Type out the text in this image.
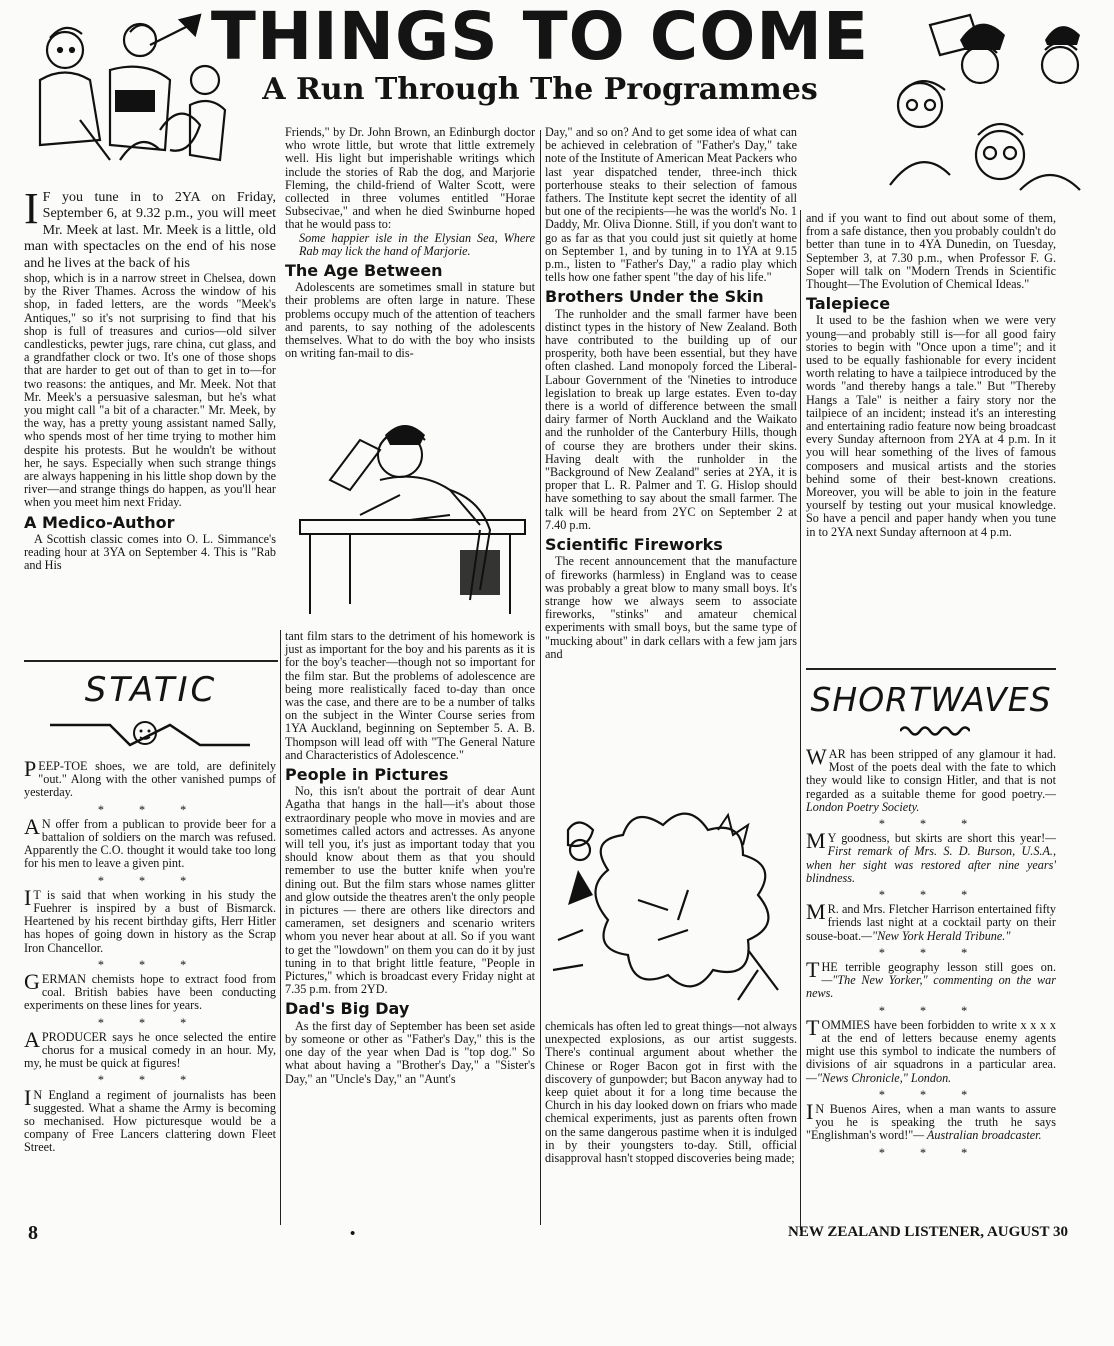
THINGS TO COME
A Run Through The Programmes

I F you tune in to 2YA on Friday, September 6, at 9.32 p.m., you will meet Mr. Meek at last. Mr. Meek is a little, old man with spectacles on the end of his nose and he lives at the back of his

shop, which is in a narrow street in Chelsea, down by the River Thames. Across the window of his shop, in faded letters, are the words "Meek's Antiques," so it's not surprising to find that his shop is full of treasures and curios—old silver candlesticks, pewter jugs, rare china, cut glass, and a grandfather clock or two. It's one of those shops that are harder to get out of than to get in to—for two reasons: the antiques, and Mr. Meek. Not that Mr. Meek's a persuasive salesman, but he's what you might call "a bit of a character." Mr. Meek, by the way, has a pretty young assistant named Sally, who spends most of her time trying to mother him despite his protests. But he wouldn't be without her, he says. Especially when such strange things are always happening in his little shop down by the river—and strange things do happen, as you'll hear when you meet him next Friday.

A Medico-Author

A Scottish classic comes into O. L. Simmance's reading hour at 3YA on September 4. This is "Rab and His

Friends," by Dr. John Brown, an Edinburgh doctor who wrote little, but wrote that little extremely well. His light but imperishable writings which include the stories of Rab the dog, and Marjorie Fleming, the child-friend of Walter Scott, were collected in three volumes entitled "Horae Subsecivae," and when he died Swinburne hoped that he would pass to:

Some happier isle in the Elysian Sea, Where Rab may lick the hand of Marjorie.

The Age Between

Adolescents are sometimes small in stature but their problems are often large in nature. These problems occupy much of the attention of teachers and parents, to say nothing of the adolescents themselves. What to do with the boy who insists on writing fan-mail to dis-

tant film stars to the detriment of his homework is just as important for the boy and his parents as it is for the boy's teacher—though not so important for the film star. But the problems of adolescence are being more realistically faced to-day than once was the case, and there are to be a number of talks on the subject in the Winter Course series from 1YA Auckland, beginning on September 5. A. B. Thompson will lead off with "The General Nature and Characteristics of Adolescence."

People in Pictures

No, this isn't about the portrait of dear Aunt Agatha that hangs in the hall—it's about those extraordinary people who move in movies and are sometimes called actors and actresses. As anyone will tell you, it's just as important today that you should know about them as that you should remember to use the butter knife when you're dining out. But the film stars whose names glitter and glow outside the theatres aren't the only people in pictures — there are others like directors and cameramen, set designers and scenario writers whom you never hear about at all. So if you want to get the "lowdown" on them you can do it by just tuning in to that bright little feature, "People in Pictures," which is broadcast every Friday night at 7.35 p.m. from 2YD.

Dad's Big Day

As the first day of September has been set aside by someone or other as "Father's Day," this is the one day of the year when Dad is "top dog." So what about having a "Brother's Day," a "Sister's Day," an "Uncle's Day," an "Aunt's

Day," and so on? And to get some idea of what can be achieved in celebration of "Father's Day," take note of the Institute of American Meat Packers who last year dispatched tender, three-inch thick porterhouse steaks to their selection of famous fathers. The Institute kept secret the identity of all but one of the recipients—he was the world's No. 1 Daddy, Mr. Oliva Dionne. Still, if you don't want to go as far as that you could just sit quietly at home on September 1, and by tuning in to 1YA at 9.15 p.m., listen to "Father's Day," a radio play which tells how one father spent "the day of his life."

Brothers Under the Skin

The runholder and the small farmer have been distinct types in the history of New Zealand. Both have contributed to the building up of our prosperity, both have been essential, but they have often clashed. Land monopoly forced the Liberal-Labour Government of the 'Nineties to introduce legislation to break up large estates. Even to-day there is a world of difference between the small dairy farmer of North Auckland and the Waikato and the runholder of the Canterbury Hills, though of course they are brothers under their skins. Having dealt with the runholder in the "Background of New Zealand" series at 2YA, it is proper that L. R. Palmer and T. G. Hislop should have something to say about the small farmer. The talk will be heard from 2YC on September 2 at 7.40 p.m.

Scientific Fireworks

The recent announcement that the manufacture of fireworks (harmless) in England was to cease was probably a great blow to many small boys. It's strange how we always seem to associate fireworks, "stinks" and amateur chemical experiments with small boys, but the same type of "mucking about" in dark cellars with a few jam jars and

chemicals has often led to great things—not always unexpected explosions, as our artist suggests. There's continual argument about whether the Chinese or Roger Bacon got in first with the discovery of gunpowder; but Bacon anyway had to keep quiet about it for a long time because the Church in his day looked down on friars who made chemical experiments, just as parents often frown on the same dangerous pastime when it is indulged in by their youngsters to-day. Still, official disapproval hasn't stopped discoveries being made;

and if you want to find out about some of them, from a safe distance, then you probably couldn't do better than tune in to 4YA Dunedin, on Tuesday, September 3, at 7.30 p.m., when Professor F. G. Soper will talk on "Modern Trends in Scientific Thought—The Evolution of Chemical Ideas."

Talepiece

It used to be the fashion when we were very young—and probably still is—for all good fairy stories to begin with "Once upon a time"; and it used to be equally fashionable for every incident worth relating to have a tailpiece introduced by the words "and thereby hangs a tale." But "Thereby Hangs a Tale" is neither a fairy story nor the tailpiece of an incident; instead it's an interesting and entertaining radio feature now being broadcast every Sunday afternoon from 2YA at 4 p.m. In it you will hear something of the lives of famous composers and musical artists and the stories behind some of their best-known creations. Moreover, you will be able to join in the feature yourself by testing out your musical knowledge. So have a pencil and paper handy when you tune in to 2YA next Sunday afternoon at 4 p.m.

STATIC

PEEP-TOE shoes, we are told, are definitely "out." Along with the other vanished pumps of yesterday.

* * *

A N offer from a publican to provide beer for a battalion of soldiers on the march was refused. Apparently the C.O. thought it would take too long for his men to leave a given pint.

* * *

I T is said that when working in his study the Fuehrer is inspired by a bust of Bismarck. Heartened by his recent birthday gifts, Herr Hitler has hopes of going down in history as the Scrap Iron Chancellor.

* * *

GERMAN chemists hope to extract food from coal. British babies have been conducting experiments on these lines for years.

* * *

APRODUCER says he once selected the entire chorus for a musical comedy in an hour. My, my, he must be quick at figures!

* * *

I N England a regiment of journalists has been suggested. What a shame the Army is becoming so mechanised. How picturesque would be a company of Free Lancers clattering down Fleet Street.

SHORTWAVES

WAR has been stripped of any glamour it had. Most of the poets deal with the fate to which they would like to consign Hitler, and that is not regarded as a suitable theme for good poetry.—London Poetry Society.

* * *

M Y goodness, but skirts are short this year!—First remark of Mrs. S. D. Burson, U.S.A., when her sight was restored after nine years' blindness.

* * *

M R. and Mrs. Fletcher Harrison entertained fifty friends last night at a cocktail party on their souse-boat.—"New York Herald Tribune."

* * *

THE terrible geography lesson still goes on.—"The New Yorker," commenting on the war news.

* * *

TOMMIES have been forbidden to write x x x x at the end of letters because enemy agents might use this symbol to indicate the numbers of divisions of air squadrons in a particular area.—"News Chronicle," London.

* * *

I N Buenos Aires, when a man wants to assure you he is speaking the truth he says "Englishman's word!"— Australian broadcaster.

* * *

8	•	NEW ZEALAND LISTENER, AUGUST 30
